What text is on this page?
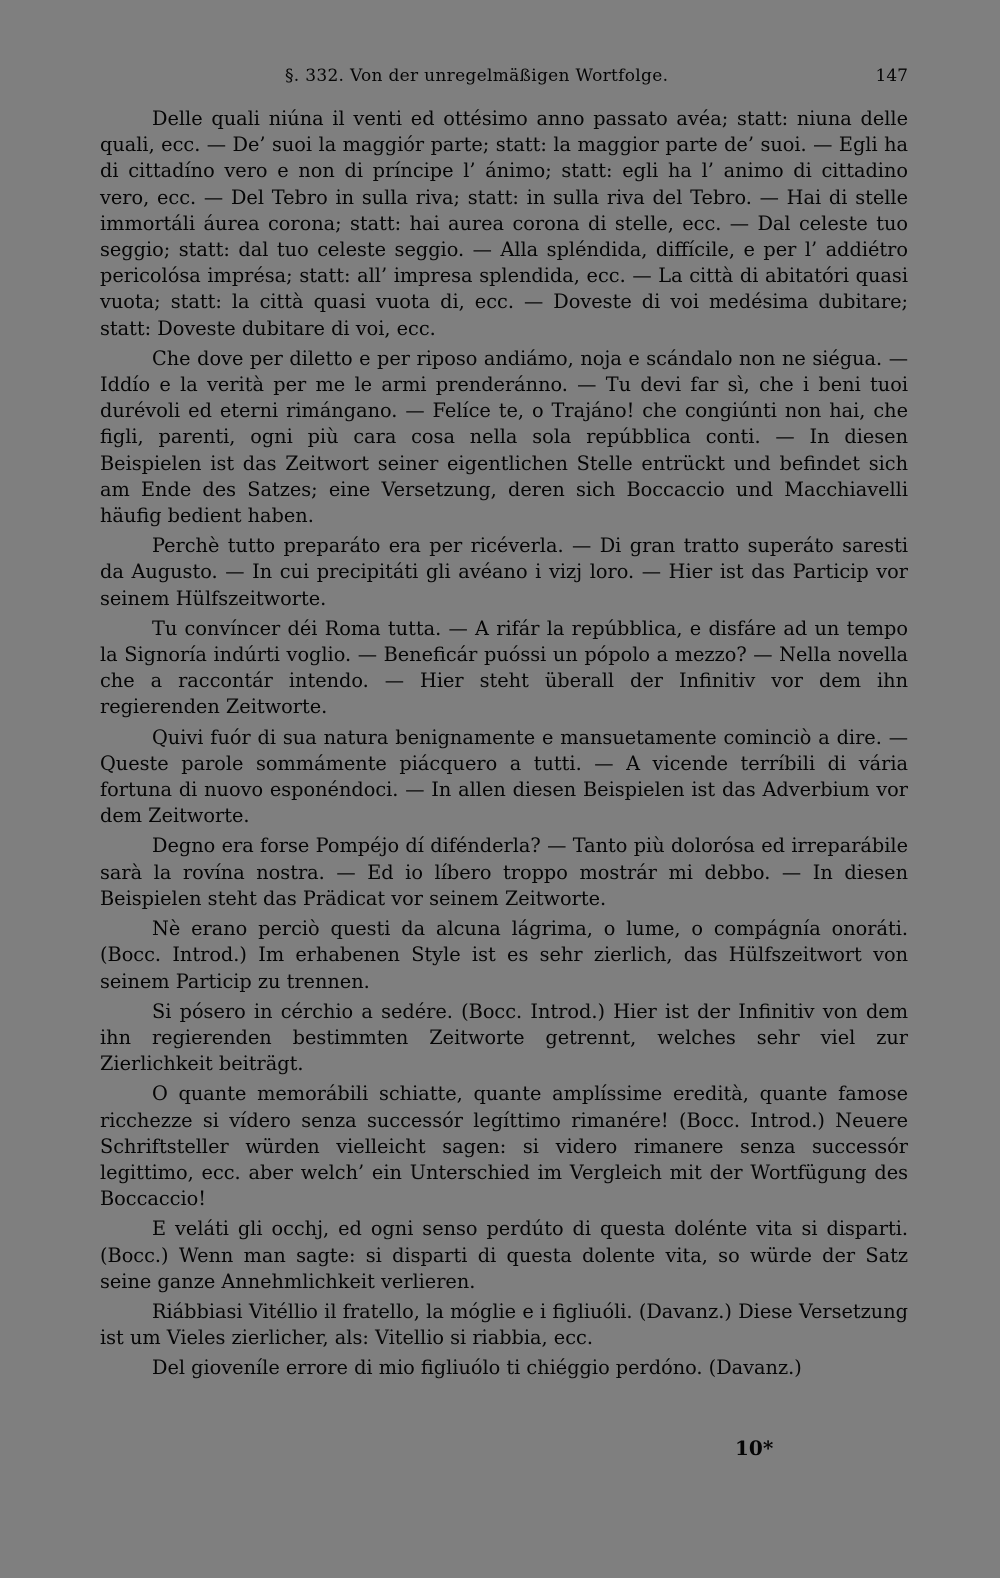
§. 332. Von der unregelmäßigen Wortfolge.	147

Delle quali niúna il venti ed ottésimo anno passato avéa; statt: niuna delle quali, ecc. — De’ suoi la maggiór parte; statt: la maggior parte de’ suoi. — Egli ha di cittadíno vero e non di príncipe l’ ánimo; statt: egli ha l’ animo di cittadino vero, ecc. — Del Tebro in sulla riva; statt: in sulla riva del Tebro. — Hai di stelle immortáli áurea corona; statt: hai aurea corona di stelle, ecc. — Dal celeste tuo seggio; statt: dal tuo celeste seggio. — Alla spléndida, diffícile, e per l’ addiétro pericolósa imprésa; statt: all’ impresa splendida, ecc. — La città di abitatóri quasi vuota; statt: la città quasi vuota di, ecc. — Doveste di voi medésima dubitare; statt: Doveste dubitare di voi, ecc.

Che dove per diletto e per riposo andiámo, noja e scándalo non ne siégua. — Iddío e la verità per me le armi prenderánno. — Tu devi far sì, che i beni tuoi durévoli ed eterni rimángano. — Felíce te, o Trajáno! che congiúnti non hai, che figli, parenti, ogni più cara cosa nella sola repúbblica conti. — In diesen Beispielen ist das Zeitwort seiner eigentlichen Stelle entrückt und befindet sich am Ende des Satzes; eine Versetzung, deren sich Boccaccio und Macchiavelli häufig bedient haben.

Perchè tutto preparáto era per ricéverla. — Di gran tratto superáto saresti da Augusto. — In cui precipitáti gli avéano i vizj loro. — Hier ist das Particip vor seinem Hülfszeitworte.

Tu convíncer déi Roma tutta. — A rifár la repúbblica, e disfáre ad un tempo la Signoría indúrti voglio. — Beneficár puóssi un pópolo a mezzo? — Nella novella che a raccontár intendo. — Hier steht überall der Infinitiv vor dem ihn regierenden Zeitworte.

Quivi fuór di sua natura benignamente e mansuetamente cominciò a dire. — Queste parole sommámente piácquero a tutti. — A vicende terríbili di vária fortuna di nuovo esponéndoci. — In allen diesen Beispielen ist das Adverbium vor dem Zeitworte.

Degno era forse Pompéjo dí difénderla? — Tanto più dolorósa ed irreparábile sarà la rovína nostra. — Ed io líbero troppo mostrár mi debbo. — In diesen Beispielen steht das Prädicat vor seinem Zeitworte.

Nè erano perciò questi da alcuna lágrima, o lume, o compágnía onoráti. (Bocc. Introd.) Im erhabenen Style ist es sehr zierlich, das Hülfszeitwort von seinem Particip zu trennen.

Si pósero in cérchio a sedére. (Bocc. Introd.) Hier ist der Infinitiv von dem ihn regierenden bestimmten Zeitworte getrennt, welches sehr viel zur Zierlichkeit beiträgt.

O quante memorábili schiatte, quante amplíssime eredità, quante famose ricchezze si vídero senza successór legíttimo rimanére! (Bocc. Introd.) Neuere Schriftsteller würden vielleicht sagen: si videro rimanere senza successór legittimo, ecc. aber welch’ ein Unterschied im Vergleich mit der Wortfügung des Boccaccio!

E veláti gli occhj, ed ogni senso perdúto di questa dolénte vita si disparti. (Bocc.) Wenn man sagte: si disparti di questa dolente vita, so würde der Satz seine ganze Annehmlichkeit verlieren.

Riábbiasi Vitéllio il fratello, la móglie e i figliuóli. (Davanz.) Diese Versetzung ist um Vieles zierlicher, als: Vitellio si riabbia, ecc.

Del gioveníle errore di mio figliuólo ti chiéggio perdóno. (Davanz.)

10*
